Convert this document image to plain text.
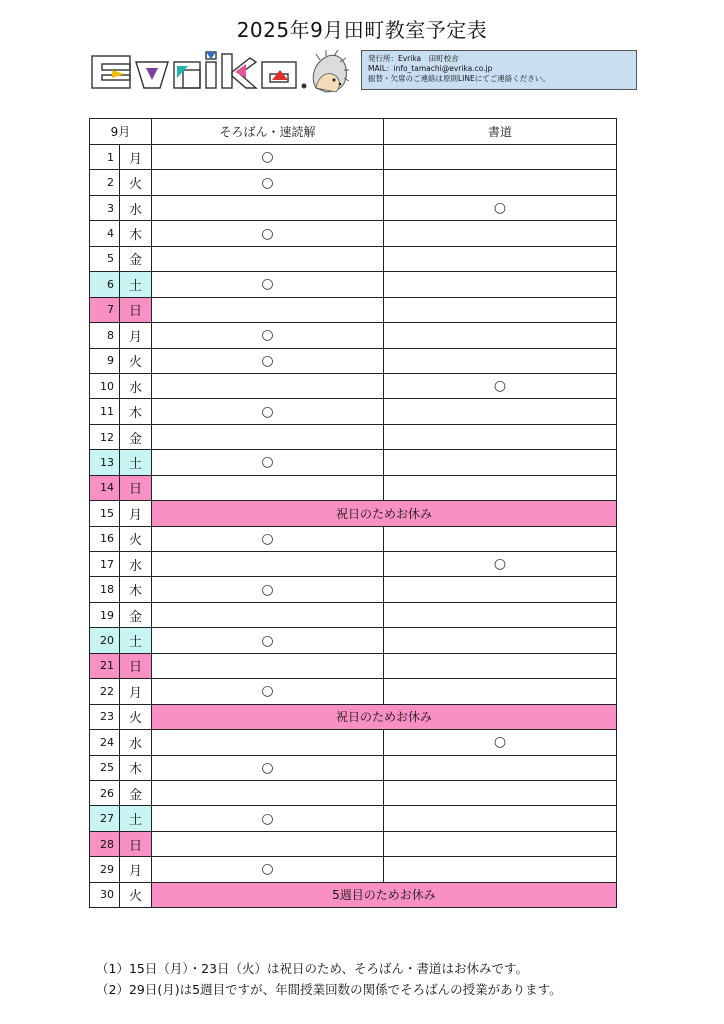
2025年9月田町教室予定表
発行所：Evrika　田町校舎
MAIL：info_tamachi@evrika.co.jp
振替・欠席のご連絡は原則LINEにてご連絡ください。
9月		そろばん・速読解	書道
1	月	○	
2	火	○	
3	水		○
4	木	○	
5	金		
6	土	○	
7	日		
8	月	○	
9	火	○	
10	水		○
11	木	○	
12	金		
13	土	○	
14	日		
15	月	祝日のためお休み	
16	火	○	
17	水		○
18	木	○	
19	金		
20	土	○	
21	日		
22	月	○	
23	火	祝日のためお休み	
24	水		○
25	木	○	
26	金		
27	土	○	
28	日		
29	月	○	
30	火	5週目のためお休み	
（1）15日（月）・23日（火）は祝日のため、そろばん・書道はお休みです。
（2）29日(月)は5週目ですが、年間授業回数の関係でそろばんの授業があります。
